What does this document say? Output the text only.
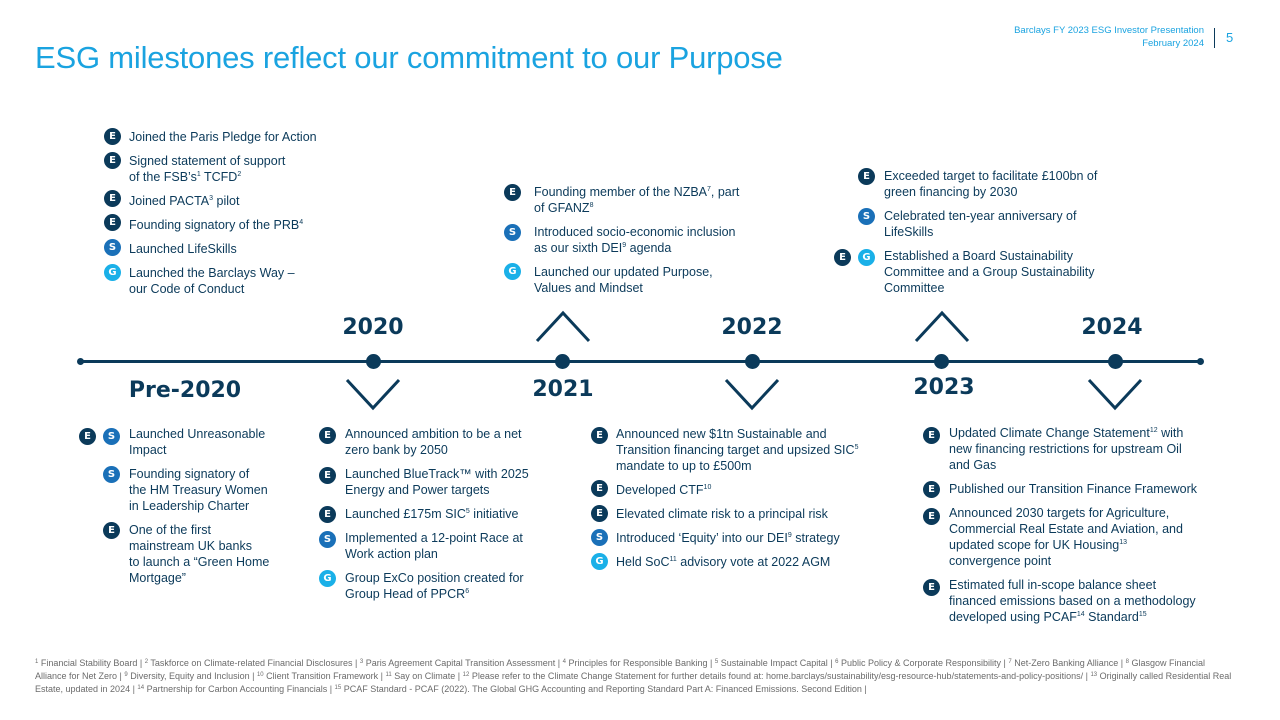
Barclays FY 2023 ESG Investor Presentation
February 2024 5
ESG milestones reflect our commitment to our Purpose
E	Joined the Paris Pledge for Action
E	Signed statement of support
of the $FSB’s^1$ TCFD$^2$
E	Joined PACTA$^3$ pilot
E	Founding signatory of the PRB$^4$
S	Launched LifeSkills
G Launched the Barclays Way –
our Code of Conduct
E	Founding member of the NZBA$^7$, part
of GFANZ$^8$
S	Introduced socio-economic inclusion
as our sixth DEI$^9$ agenda
G	Launched our updated Purpose,
Values and Mindset
E	Exceeded target to facilitate £100bn of
green financing by 2030
S	Celebrated ten-year anniversary of
LifeSkills
E	G	Established a Board Sustainability
Committee and a Group Sustainability
Committee
2020	2022	2024
Pre-2020	2021	2023
E	S	Launched Unreasonable
Impact
S	Founding signatory of
the HM Treasury Women
in Leadership Charter
E	One of the first
mainstream UK banks
to launch a “Green Home
Mortgage”
E	Announced ambition to be a net
zero bank by 2050
E	Launched BlueTrack™ with 2025
Energy and Power targets
E	Launched £175m SIC$^5$ initiative
S	Implemented a 12-point Race at
Work action plan
G	Group ExCo position created for
Group Head of PPCR$^6$
E	Announced new $1tn Sustainable and
Transition financing target and upsized SIC$^5$
mandate to up to £500m
E	Developed CTF$^{10}$
E	Elevated climate risk to a principal risk
S	Introduced ‘Equity’ into our DEI$^9$ strategy
G Held SoC$^{11}$ advisory vote at 2022 AGM
E	Updated Climate Change Statement$^{12}$ with
new financing restrictions for upstream Oil
and Gas
E	Published our Transition Finance Framework
E	Announced 2030 targets for Agriculture,
Commercial Real Estate and Aviation, and
updated scope for UK Housing$^{13}$
convergence point
E	Estimated full in-scope balance sheet
financed emissions based on a methodology
developed using PCAF$^{14}$ Standard$^{15}$
$^1$ Financial Stability Board | $^2$ Taskforce on Climate-related Financial Disclosures | $^3$ Paris Agreement Capital Transition Assessment | $^4$ Principles for Responsible Banking | $^5$ Sustainable Impact Capital | $^6$ Public Policy & Corporate Responsibility | $^7$ Net-Zero Banking Alliance | $^8$ Glasgow Financial Alliance for Net Zero | $^9$ Diversity, Equity and Inclusion | $^{10}$ Client Transition Framework | $^{11}$ Say on Climate | $^{12}$ Please refer to the Climate Change Statement for further details found at: home.barclays/sustainability/esg-resource-hub/statements-and-policy-positions/ | $^{13}$ Originally called Residential Real Estate, updated in 2024 | $^{14}$ Partnership for Carbon Accounting Financials | $^{15}$ PCAF Standard - PCAF (2022). The Global GHG Accounting and Reporting Standard Part A: Financed Emissions. Second Edition |
